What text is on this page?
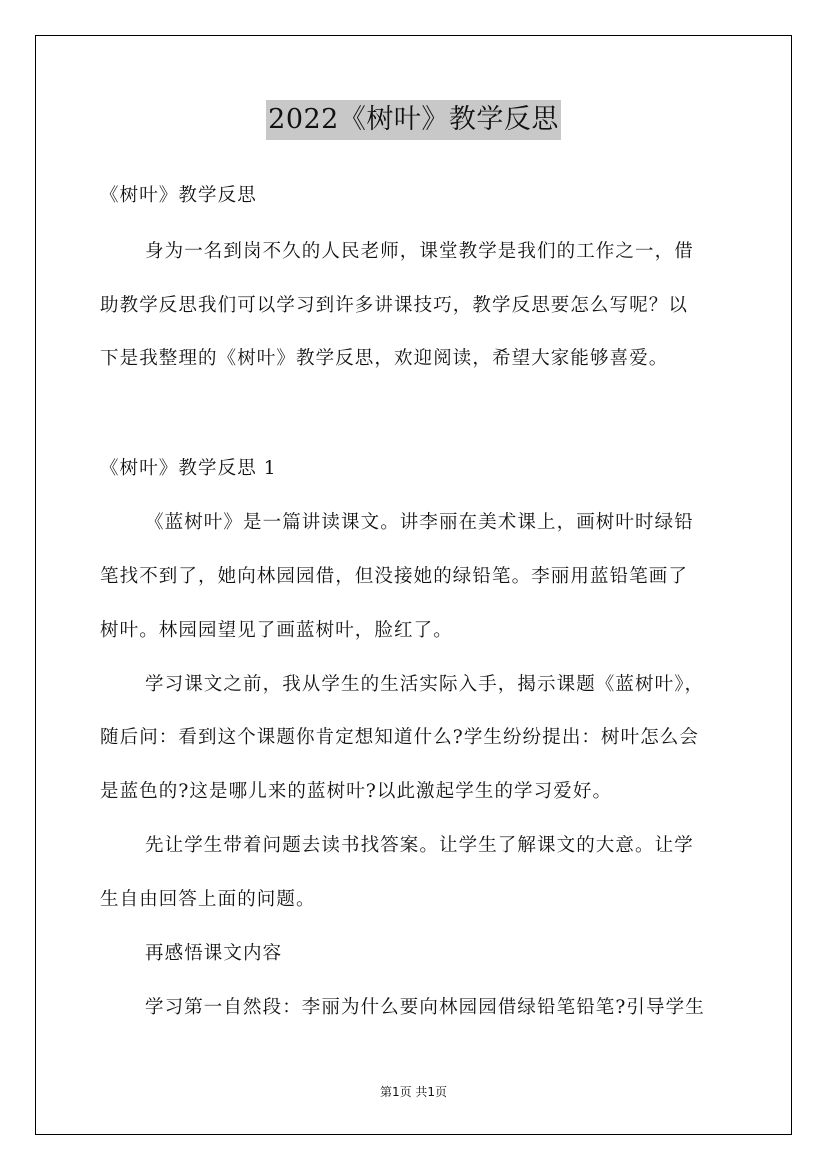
2022《树叶》教学反思
《树叶》教学反思
身为一名到岗不久的人民老师，课堂教学是我们的工作之一，借
助教学反思我们可以学习到许多讲课技巧，教学反思要怎么写呢？以
下是我整理的《树叶》教学反思，欢迎阅读，希望大家能够喜爱。
《树叶》教学反思 1
《蓝树叶》是一篇讲读课文。讲李丽在美术课上，画树叶时绿铅
笔找不到了，她向林园园借，但没接她的绿铅笔。李丽用蓝铅笔画了
树叶。林园园望见了画蓝树叶，脸红了。
学习课文之前，我从学生的生活实际入手，揭示课题《蓝树叶》，
随后问：看到这个课题你肯定想知道什么?学生纷纷提出：树叶怎么会
是蓝色的?这是哪儿来的蓝树叶?以此激起学生的学习爱好。
先让学生带着问题去读书找答案。让学生了解课文的大意。让学
生自由回答上面的问题。
再感悟课文内容
学习第一自然段：李丽为什么要向林园园借绿铅笔铅笔?引导学生
第1页 共1页
